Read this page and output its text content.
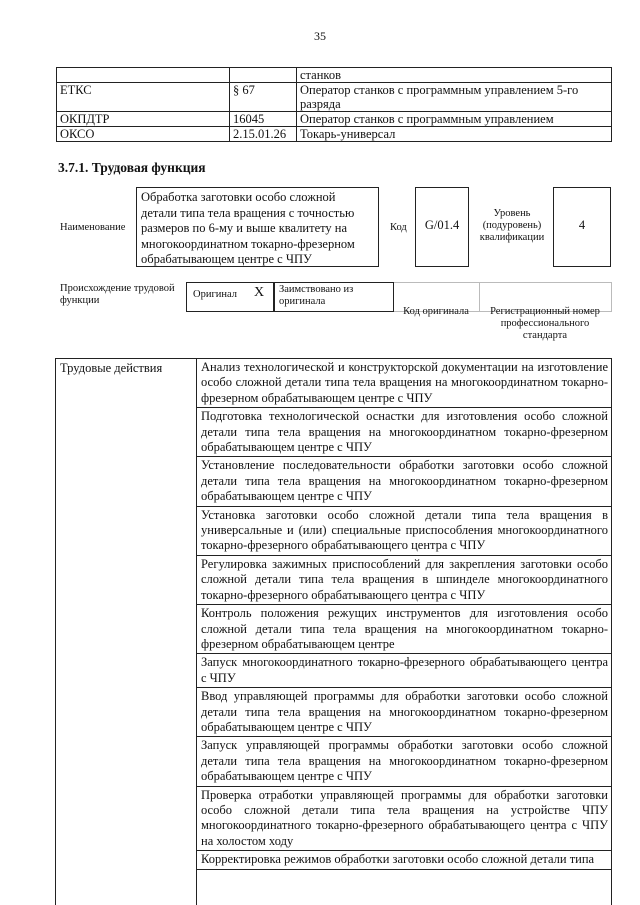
35
		станков
ЕТКС	§ 67	Оператор станков с программным управлением 5-го разряда
ОКПДТР	16045	Оператор станков с программным управлением
ОКСО	2.15.01.26	Токарь-универсал
3.7.1. Трудовая функция
Наименование
Обработка заготовки особо сложной детали типа тела вращения с точностью размеров по 6-му и выше квалитету на многокоординатном токарно-фрезерном обрабатывающем центре с ЧПУ
Код	G/01.4
Уровень (подуровень) квалификации
4
Происхождение трудовой функции
Оригинал	X	Заимствовано из оригинала
Код оригинала	Регистрационный номер профессионального стандарта
Трудовые действия	Анализ технологической и конструкторской документации на изготовление особо сложной детали типа тела вращения на многокоординатном токарно-фрезерном обрабатывающем центре с ЧПУ
Подготовка технологической оснастки для изготовления особо сложной детали типа тела вращения на многокоординатном токарно-фрезерном обрабатывающем центре с ЧПУ
Установление последовательности обработки заготовки особо сложной детали типа тела вращения на многокоординатном токарно-фрезерном обрабатывающем центре с ЧПУ
Установка заготовки особо сложной детали типа тела вращения в универсальные и (или) специальные приспособления многокоординатного токарно-фрезерного обрабатывающего центра с ЧПУ
Регулировка зажимных приспособлений для закрепления заготовки особо сложной детали типа тела вращения в шпинделе многокоординатного токарно-фрезерного обрабатывающего центра с ЧПУ
Контроль положения режущих инструментов для изготовления особо сложной детали типа тела вращения на многокоординатном токарно-фрезерном обрабатывающем центре
Запуск многокоординатного токарно-фрезерного обрабатывающего центра с ЧПУ
Ввод управляющей программы для обработки заготовки особо сложной детали типа тела вращения на многокоординатном токарно-фрезерном обрабатывающем центре с ЧПУ
Запуск управляющей программы обработки заготовки особо сложной детали типа тела вращения на многокоординатном токарно-фрезерном обрабатывающем центре с ЧПУ
Проверка отработки управляющей программы для обработки заготовки особо сложной детали типа тела вращения на устройстве ЧПУ многокоординатного токарно-фрезерного обрабатывающего центра с ЧПУ на холостом ходу
Корректировка режимов обработки заготовки особо сложной детали типа
